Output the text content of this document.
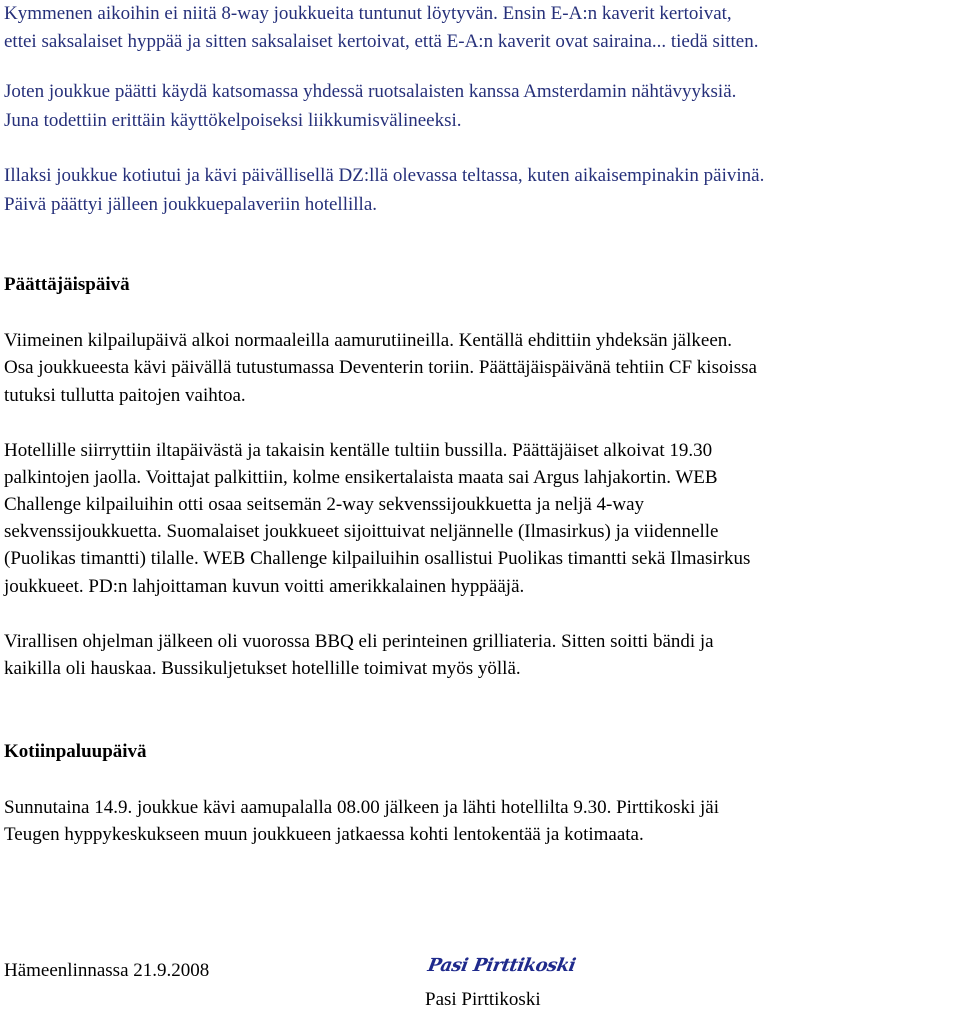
Kymmenen aikoihin ei niitä 8-way joukkueita tuntunut löytyvän. Ensin E-A:n kaverit kertoivat,
ettei saksalaiset hyppää ja sitten saksalaiset kertoivat, että E-A:n kaverit ovat sairaina... tiedä sitten.
Joten joukkue päätti käydä katsomassa yhdessä ruotsalaisten kanssa Amsterdamin nähtävyyksiä.
Juna todettiin erittäin käyttökelpoiseksi liikkumisvälineeksi.
Illaksi joukkue kotiutui ja kävi päivällisellä DZ:llä olevassa teltassa, kuten aikaisempinakin päivinä.
Päivä päättyi jälleen joukkuepalaveriin hotellilla.
Päättäjäispäivä
Viimeinen kilpailupäivä alkoi normaaleilla aamurutiineilla. Kentällä ehdittiin yhdeksän jälkeen.
Osa joukkueesta kävi päivällä tutustumassa Deventerin toriin. Päättäjäispäivänä tehtiin CF kisoissa
tutuksi tullutta paitojen vaihtoa.
Hotellille siirryttiin iltapäivästä ja takaisin kentälle tultiin bussilla. Päättäjäiset alkoivat 19.30
palkintojen jaolla. Voittajat palkittiin, kolme ensikertalaista maata sai Argus lahjakortin. WEB
Challenge kilpailuihin otti osaa seitsemän 2-way sekvenssijoukkuetta ja neljä 4-way
sekvenssijoukkuetta. Suomalaiset joukkueet sijoittuivat neljännelle (Ilmasirkus) ja viidennelle
(Puolikas timantti) tilalle. WEB Challenge kilpailuihin osallistui Puolikas timantti sekä Ilmasirkus
joukkueet. PD:n lahjoittaman kuvun voitti amerikkalainen hyppääjä.
Virallisen ohjelman jälkeen oli vuorossa BBQ eli perinteinen grilliateria. Sitten soitti bändi ja
kaikilla oli hauskaa. Bussikuljetukset hotellille toimivat myös yöllä.
Kotiinpaluupäivä
Sunnutaina 14.9. joukkue kävi aamupalalla 08.00 jälkeen ja lähti hotellilta 9.30. Pirttikoski jäi
Teugen hyppykeskukseen muun joukkueen jatkaessa kohti lentokentää ja kotimaata.
Hämeenlinnassa 21.9.2008	Pasi Pirttikoski
Pasi Pirttikoski
